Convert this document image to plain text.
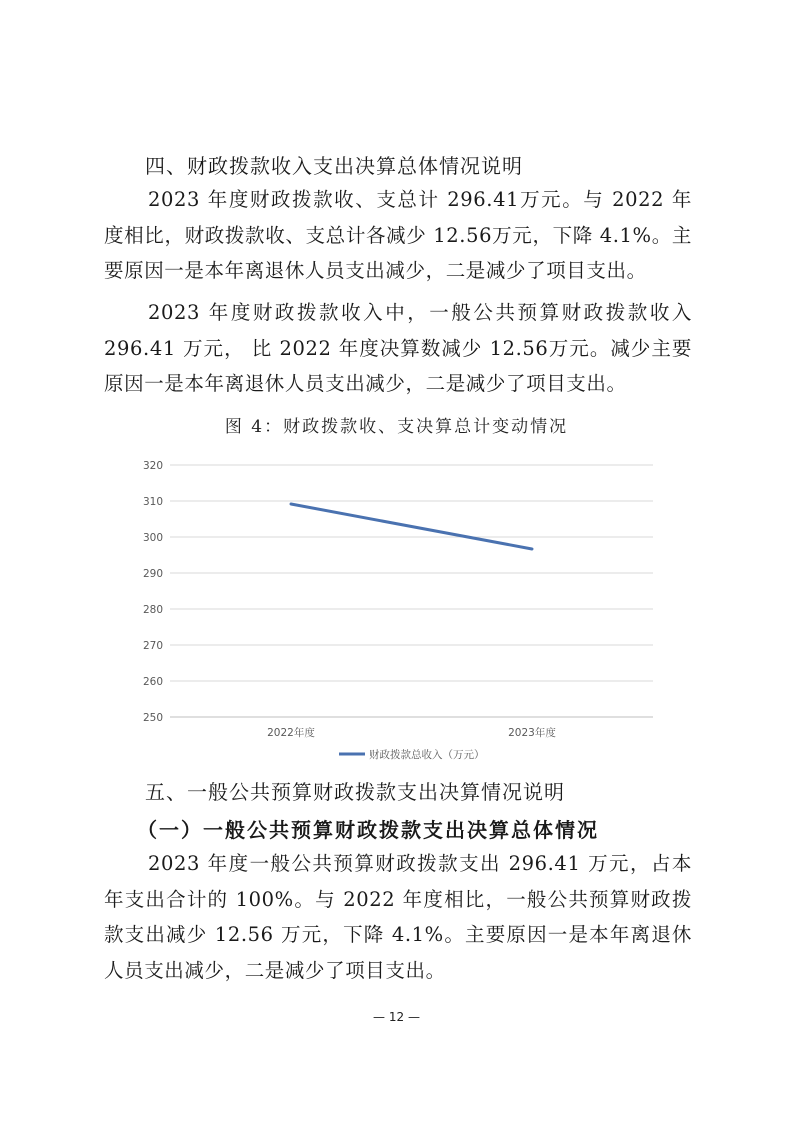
四、财政拨款收入支出决算总体情况说明

2023 年度财政拨款收、支总计 296.41万元。与 2022 年度相比，财政拨款收、支总计各减少 12.56万元，下降 4.1%。主要原因一是本年离退休人员支出减少，二是减少了项目支出。

2023 年度财政拨款收入中，一般公共预算财政拨款收入 296.41 万元， 比 2022 年度决算数减少 12.56万元。减少主要原因一是本年离退休人员支出减少，二是减少了项目支出。

图 4：财政拨款收、支决算总计变动情况
320
310
300
290
280
270
260
250
2022年度	2023年度
财政拨款总收入（万元）
五、一般公共预算财政拨款支出决算情况说明
（一）一般公共预算财政拨款支出决算总体情况

2023 年度一般公共预算财政拨款支出 296.41 万元，占本年支出合计的 100%。与 2022 年度相比，一般公共预算财政拨款支出减少 12.56 万元，下降 4.1%。主要原因一是本年离退休人员支出减少，二是减少了项目支出。

— 12 —
